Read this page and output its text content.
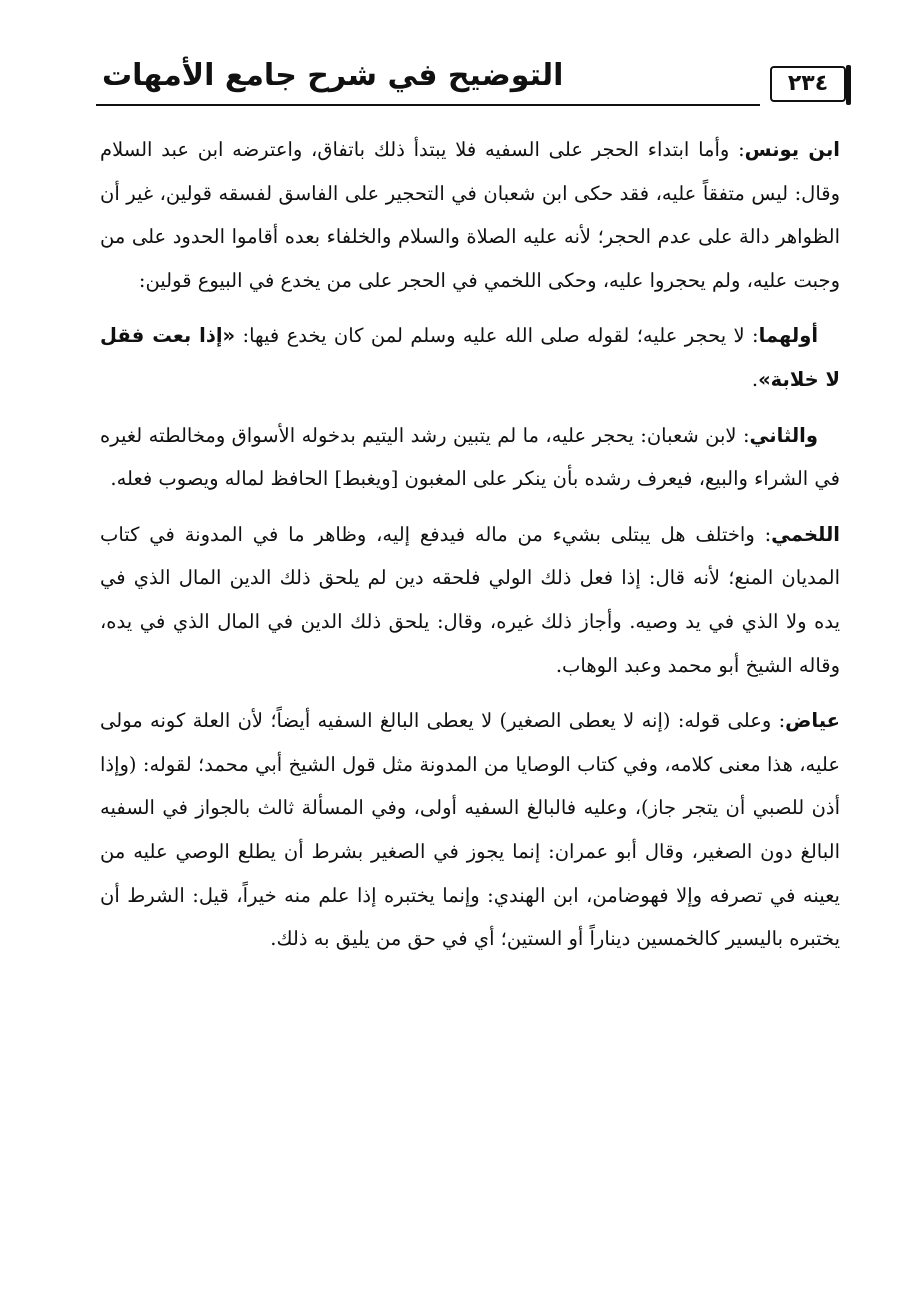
٢٣٤
التوضيح في شرح جامع الأمهات

ابن يونس: وأما ابتداء الحجر على السفيه فلا يبتدأ ذلك باتفاق، واعترضه ابن عبد السلام وقال: ليس متفقاً عليه، فقد حكى ابن شعبان في التحجير على الفاسق لفسقه قولين، غير أن الظواهر دالة على عدم الحجر؛ لأنه عليه الصلاة والسلام والخلفاء بعده أقاموا الحدود على من وجبت عليه، ولم يحجروا عليه، وحكى اللخمي في الحجر على من يخدع في البيوع قولين:

أولهما: لا يحجر عليه؛ لقوله صلى الله عليه وسلم لمن كان يخدع فيها: «إذا بعت فقل لا خلابة».

والثاني: لابن شعبان: يحجر عليه، ما لم يتبين رشد اليتيم بدخوله الأسواق ومخالطته لغيره في الشراء والبيع، فيعرف رشده بأن ينكر على المغبون [ويغبط] الحافظ لماله ويصوب فعله.

اللخمي: واختلف هل يبتلى بشيء من ماله فيدفع إليه، وظاهر ما في المدونة في كتاب المديان المنع؛ لأنه قال: إذا فعل ذلك الولي فلحقه دين لم يلحق ذلك الدين المال الذي في يده ولا الذي في يد وصيه. وأجاز ذلك غيره، وقال: يلحق ذلك الدين في المال الذي في يده، وقاله الشيخ أبو محمد وعبد الوهاب.

عياض: وعلى قوله: (إنه لا يعطى الصغير) لا يعطى البالغ السفيه أيضاً؛ لأن العلة كونه مولى عليه، هذا معنى كلامه، وفي كتاب الوصايا من المدونة مثل قول الشيخ أبي محمد؛ لقوله: (وإذا أذن للصبي أن يتجر جاز)، وعليه فالبالغ السفيه أولى، وفي المسألة ثالث بالجواز في السفيه البالغ دون الصغير، وقال أبو عمران: إنما يجوز في الصغير بشرط أن يطلع الوصي عليه من يعينه في تصرفه وإلا فهوضامن، ابن الهندي: وإنما يختبره إذا علم منه خيراً، قيل: الشرط أن يختبره باليسير كالخمسين ديناراً أو الستين؛ أي في حق من يليق به ذلك.
